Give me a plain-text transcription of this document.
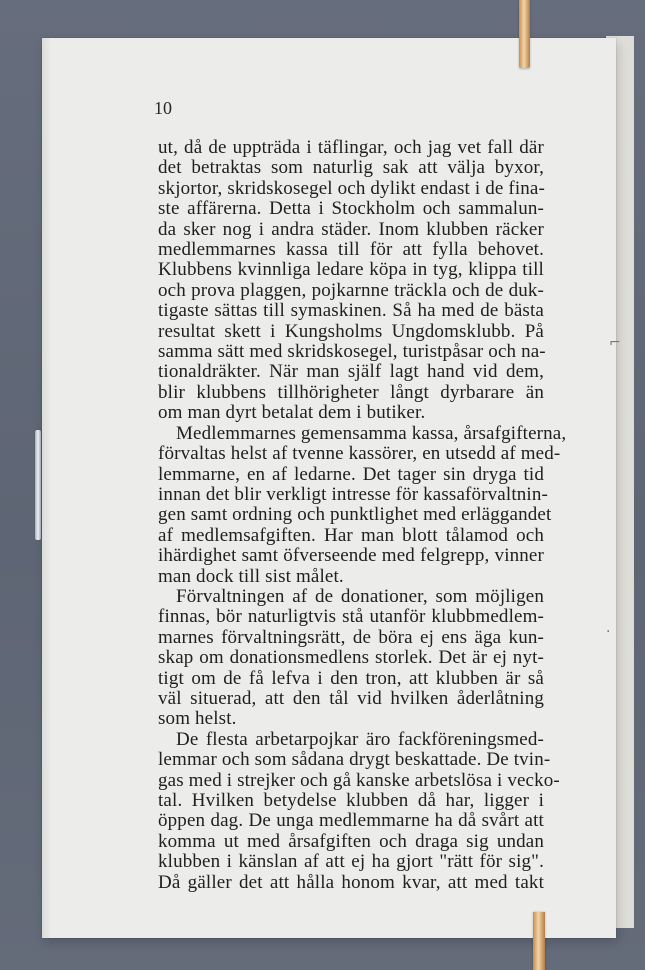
10
ut, då de uppträda i täflingar, och jag vet fall där
det betraktas som naturlig sak att välja byxor,
skjortor, skridskosegel och dylikt endast i de fina-
ste affärerna. Detta i Stockholm och sammalun-
da sker nog i andra städer. Inom klubben räcker
medlemmarnes kassa till för att fylla behovet.
Klubbens kvinnliga ledare köpa in tyg, klippa till
och prova plaggen, pojkarnne träckla och de duk-
tigaste sättas till symaskinen. Så ha med de bästa
resultat skett i Kungsholms Ungdomsklubb. På
samma sätt med skridskosegel, turistpåsar och na-
tionaldräkter. När man själf lagt hand vid dem,
blir klubbens tillhörigheter långt dyrbarare än
om man dyrt betalat dem i butiker.
Medlemmarnes gemensamma kassa, årsafgifterna,
förvaltas helst af tvenne kassörer, en utsedd af med-
lemmarne, en af ledarne. Det tager sin dryga tid
innan det blir verkligt intresse för kassaförvaltnin-
gen samt ordning och punktlighet med erläggandet
af medlemsafgiften. Har man blott tålamod och
ihärdighet samt öfverseende med felgrepp, vinner
man dock till sist målet.
Förvaltningen af de donationer, som möjligen
finnas, bör naturligtvis stå utanför klubbmedlem-
marnes förvaltningsrätt, de böra ej ens äga kun-
skap om donationsmedlens storlek. Det är ej nyt-
tigt om de få lefva i den tron, att klubben är så
väl situerad, att den tål vid hvilken åderlåtning
som helst.
De flesta arbetarpojkar äro fackföreningsmed-
lemmar och som sådana drygt beskattade. De tvin-
gas med i strejker och gå kanske arbetslösa i vecko-
tal. Hvilken betydelse klubben då har, ligger i
öppen dag. De unga medlemmarne ha då svårt att
komma ut med årsafgiften och draga sig undan
klubben i känslan af att ej ha gjort "rätt för sig".
Då gäller det att hålla honom kvar, att med takt
⌐
·
